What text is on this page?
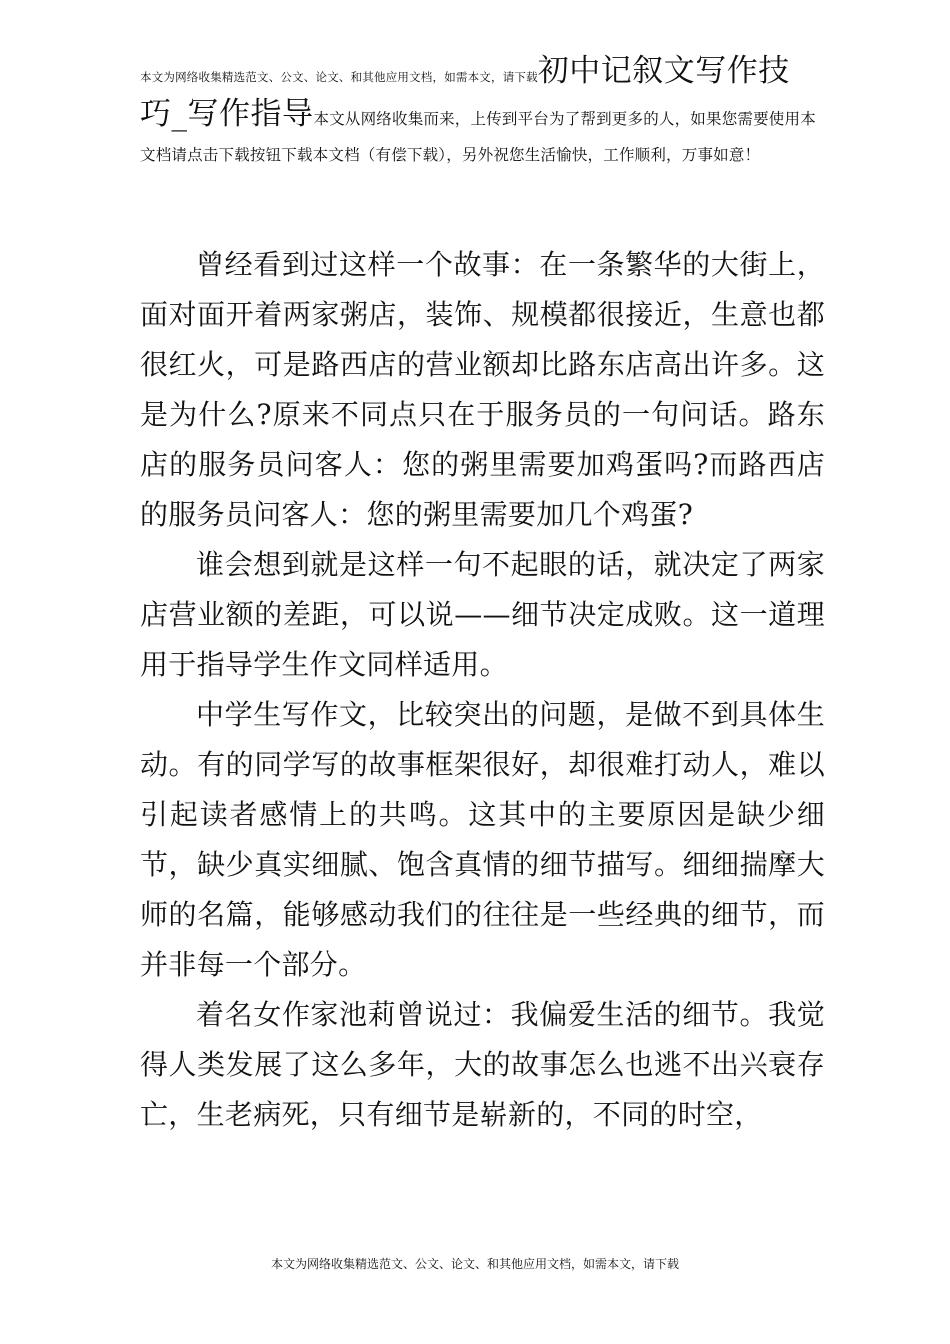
本文为网络收集精选范文、公文、论文、和其他应用文档，如需本文，请下载初中记叙文写作技巧_写作指导本文从网络收集而来，上传到平台为了帮到更多的人，如果您需要使用本文档请点击下载按钮下载本文档（有偿下载），另外祝您生活愉快，工作顺利，万事如意！

曾经看到过这样一个故事：在一条繁华的大街上，面对面开着两家粥店，装饰、规模都很接近，生意也都很红火，可是路西店的营业额却比路东店高出许多。这是为什么?原来不同点只在于服务员的一句问话。路东店的服务员问客人：您的粥里需要加鸡蛋吗?而路西店的服务员问客人：您的粥里需要加几个鸡蛋?

谁会想到就是这样一句不起眼的话，就决定了两家店营业额的差距，可以说——细节决定成败。这一道理用于指导学生作文同样适用。

中学生写作文，比较突出的问题，是做不到具体生动。有的同学写的故事框架很好，却很难打动人，难以引起读者感情上的共鸣。这其中的主要原因是缺少细节，缺少真实细腻、饱含真情的细节描写。细细揣摩大师的名篇，能够感动我们的往往是一些经典的细节，而并非每一个部分。

着名女作家池莉曾说过：我偏爱生活的细节。我觉得人类发展了这么多年，大的故事怎么也逃不出兴衰存亡，生老病死，只有细节是崭新的，不同的时空，

本文为网络收集精选范文、公文、论文、和其他应用文档，如需本文，请下载
